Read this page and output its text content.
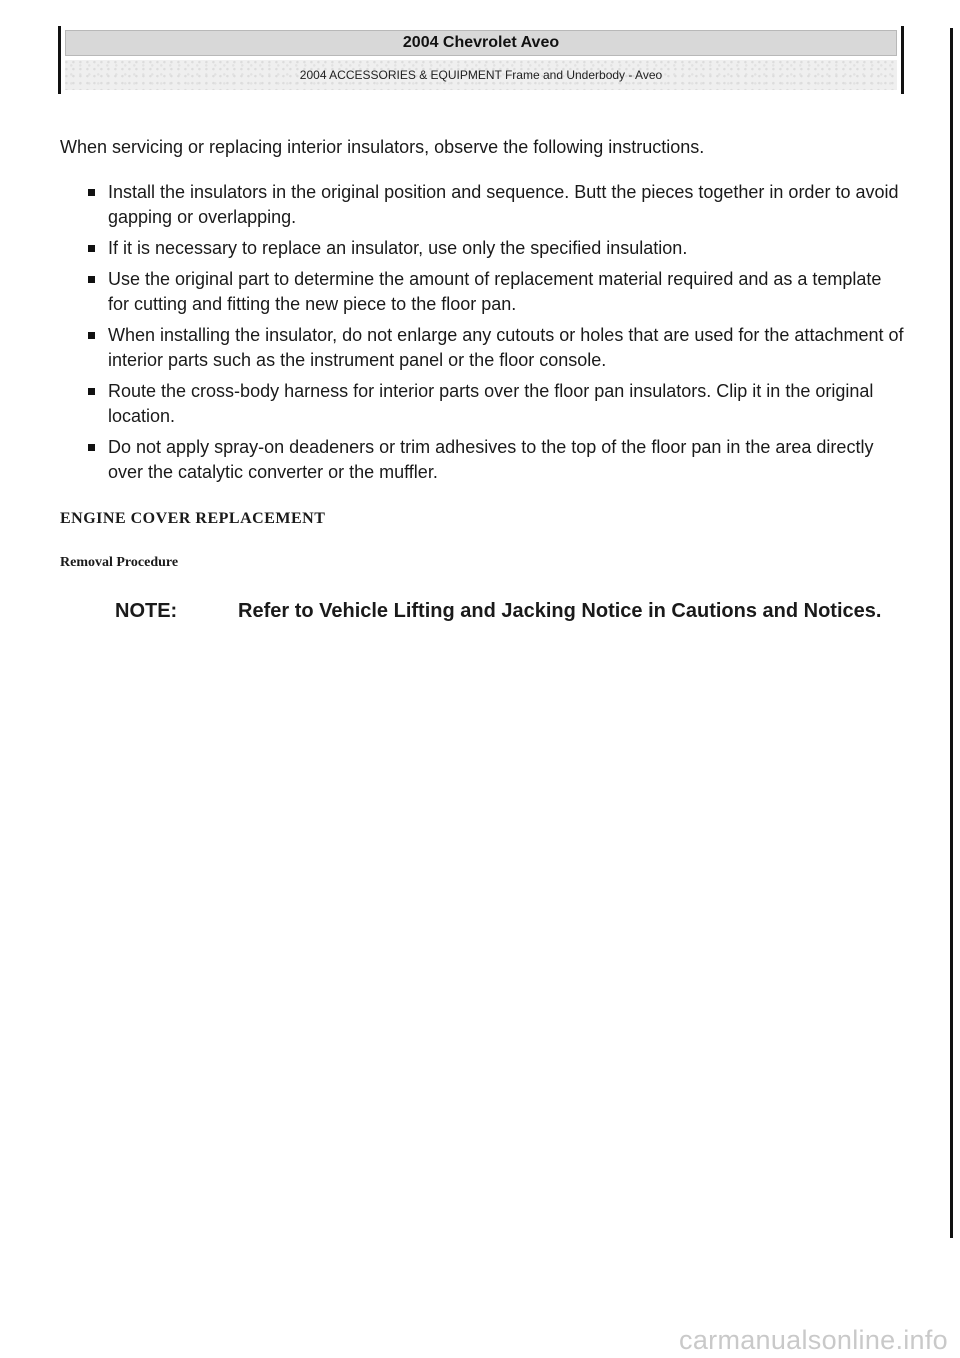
2004 Chevrolet Aveo
2004 ACCESSORIES & EQUIPMENT Frame and Underbody - Aveo

When servicing or replacing interior insulators, observe the following instructions.

Install the insulators in the original position and sequence. Butt the pieces together in order to avoid gapping or overlapping.
If it is necessary to replace an insulator, use only the specified insulation.
Use the original part to determine the amount of replacement material required and as a template for cutting and fitting the new piece to the floor pan.
When installing the insulator, do not enlarge any cutouts or holes that are used for the attachment of interior parts such as the instrument panel or the floor console.
Route the cross-body harness for interior parts over the floor pan insulators. Clip it in the original location.
Do not apply spray-on deadeners or trim adhesives to the top of the floor pan in the area directly over the catalytic converter or the muffler.
ENGINE COVER REPLACEMENT
Removal Procedure
NOTE:	Refer to Vehicle Lifting and Jacking Notice in Cautions and Notices.
carmanualsonline.info
